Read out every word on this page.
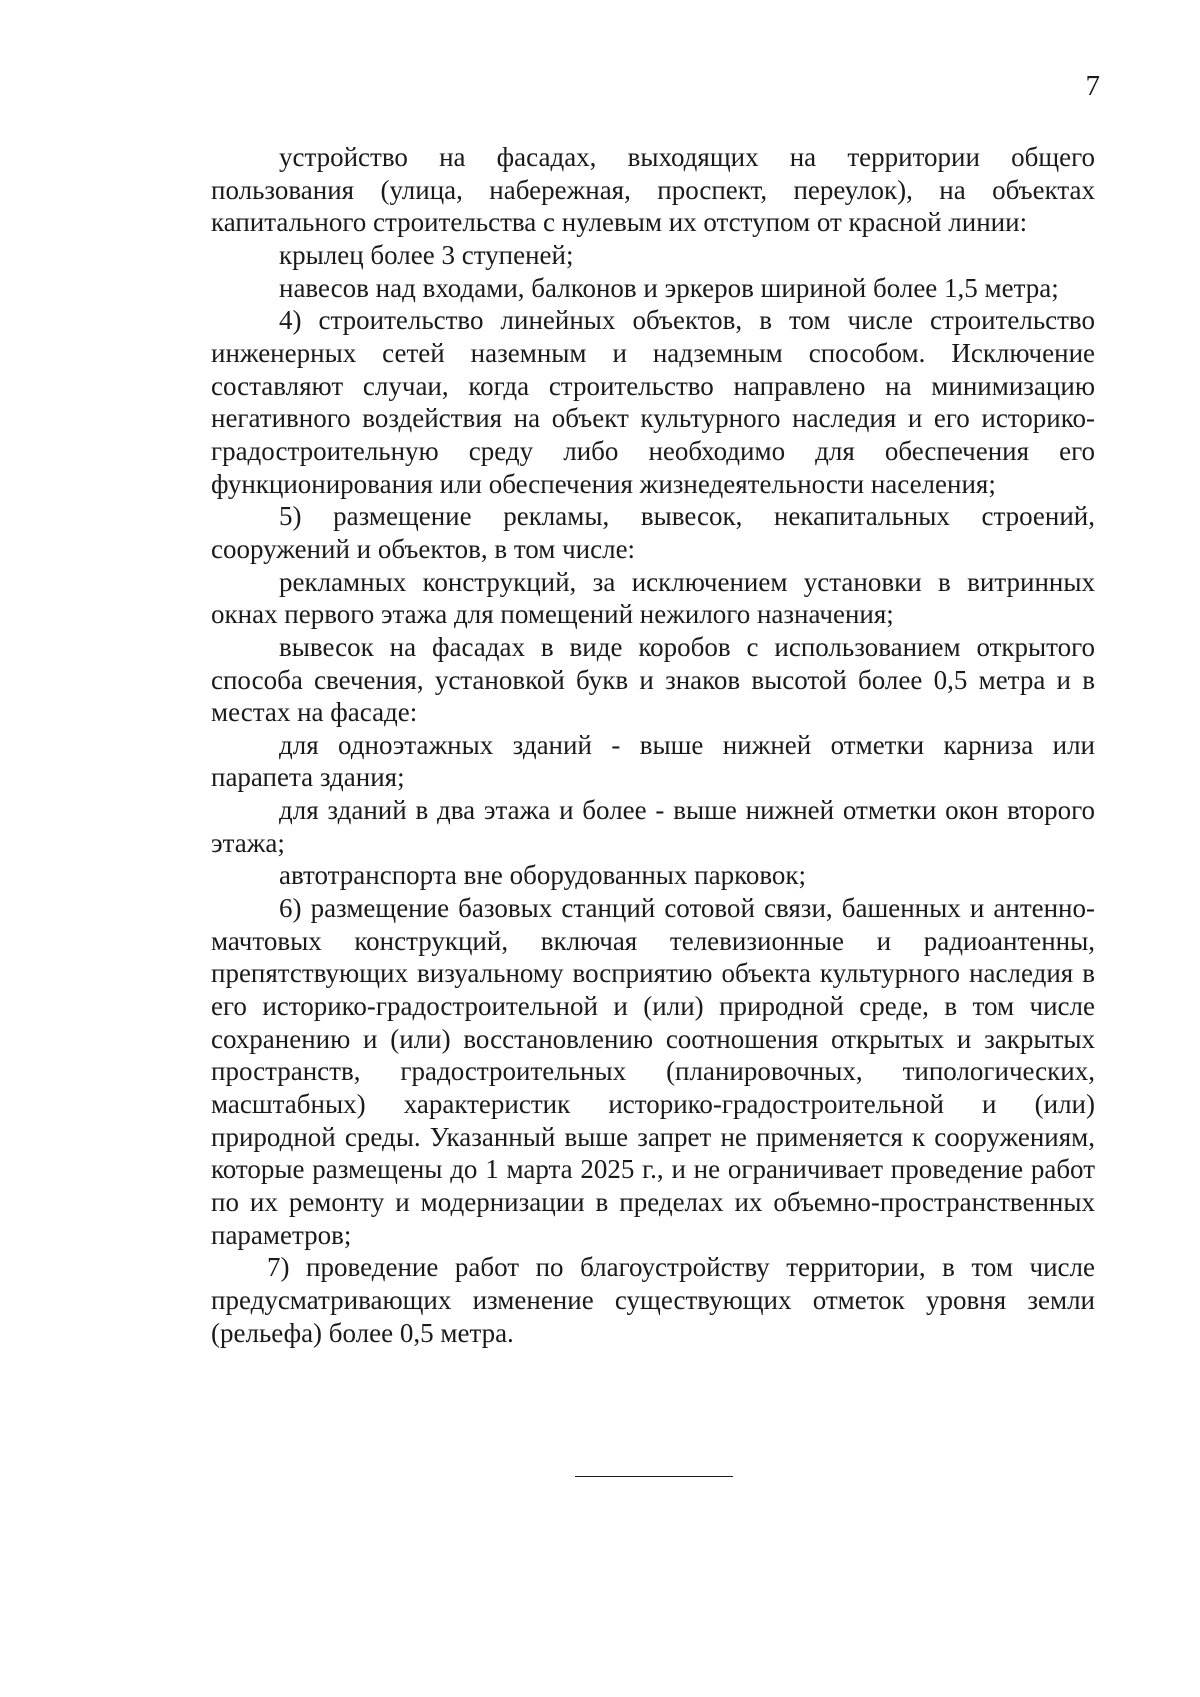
7

устройство на фасадах, выходящих на территории общего пользования (улица, набережная, проспект, переулок), на объектах капитального строительства с нулевым их отступом от красной линии:

крылец более 3 ступеней;

навесов над входами, балконов и эркеров шириной более 1,5 метра;

4) строительство линейных объектов, в том числе строительство инженерных сетей наземным и надземным способом. Исключение составляют случаи, когда строительство направлено на минимизацию негативного воздействия на объект культурного наследия и его историко-градостроительную среду либо необходимо для обеспечения его функционирования или обеспечения жизнедеятельности населения;

5) размещение рекламы, вывесок, некапитальных строений, сооружений и объектов, в том числе:

рекламных конструкций, за исключением установки в витринных окнах первого этажа для помещений нежилого назначения;

вывесок на фасадах в виде коробов с использованием открытого способа свечения, установкой букв и знаков высотой более 0,5 метра и в местах на фасаде:

для одноэтажных зданий - выше нижней отметки карниза или парапета здания;

для зданий в два этажа и более - выше нижней отметки окон второго этажа;

автотранспорта вне оборудованных парковок;

6) размещение базовых станций сотовой связи, башенных и антенно-мачтовых конструкций, включая телевизионные и радиоантенны, препятствующих визуальному восприятию объекта культурного наследия в его историко-градостроительной и (или) природной среде, в том числе сохранению и (или) восстановлению соотношения открытых и закрытых пространств, градостроительных (планировочных, типологических, масштабных) характеристик историко-градостроительной и (или) природной среды. Указанный выше запрет не применяется к сооружениям, которые размещены до 1 марта 2025 г., и не ограничивает проведение работ по их ремонту и модернизации в пределах их объемно-пространственных параметров;

7) проведение работ по благоустройству территории, в том числе предусматривающих изменение существующих отметок уровня земли (рельефа) более 0,5 метра.
